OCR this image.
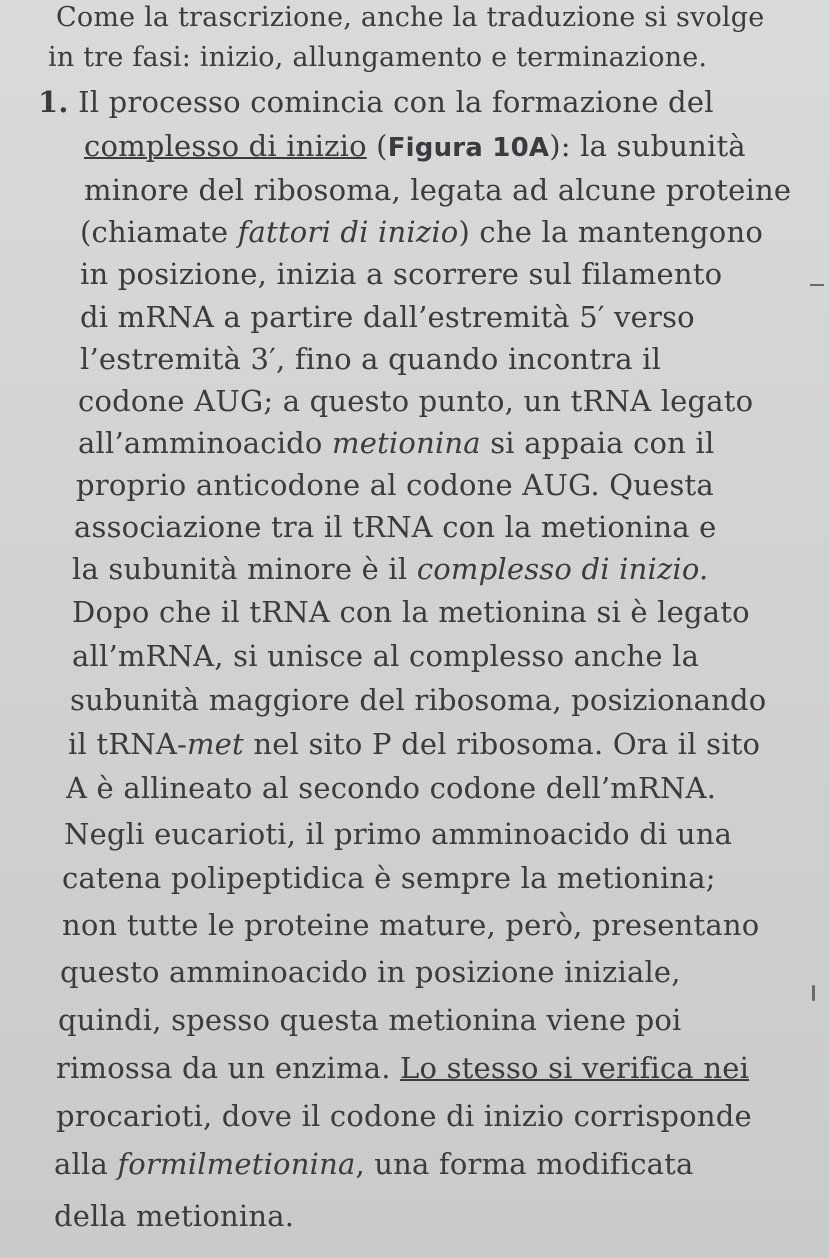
Come la trascrizione, anche la traduzione si svolge
in tre fasi: inizio, allungamento e terminazione.
1. Il processo comincia con la formazione del
complesso di inizio (Figura 10A): la subunità
minore del ribosoma, legata ad alcune proteine
(chiamate fattori di inizio) che la mantengono
in posizione, inizia a scorrere sul filamento
di mRNA a partire dall’estremità 5′ verso
l’estremità 3′, fino a quando incontra il
codone AUG; a questo punto, un tRNA legato
all’amminoacido metionina si appaia con il
proprio anticodone al codone AUG. Questa
associazione tra il tRNA con la metionina e
la subunità minore è il complesso di inizio.
Dopo che il tRNA con la metionina si è legato
all’mRNA, si unisce al complesso anche la
subunità maggiore del ribosoma, posizionando
il tRNA-met nel sito P del ribosoma. Ora il sito
A è allineato al secondo codone dell’mRNA.
Negli eucarioti, il primo amminoacido di una
catena polipeptidica è sempre la metionina;
non tutte le proteine mature, però, presentano
questo amminoacido in posizione iniziale,
quindi, spesso questa metionina viene poi
rimossa da un enzima. Lo stesso si verifica nei
procarioti, dove il codone di inizio corrisponde
alla formilmetionina, una forma modificata
della metionina.
